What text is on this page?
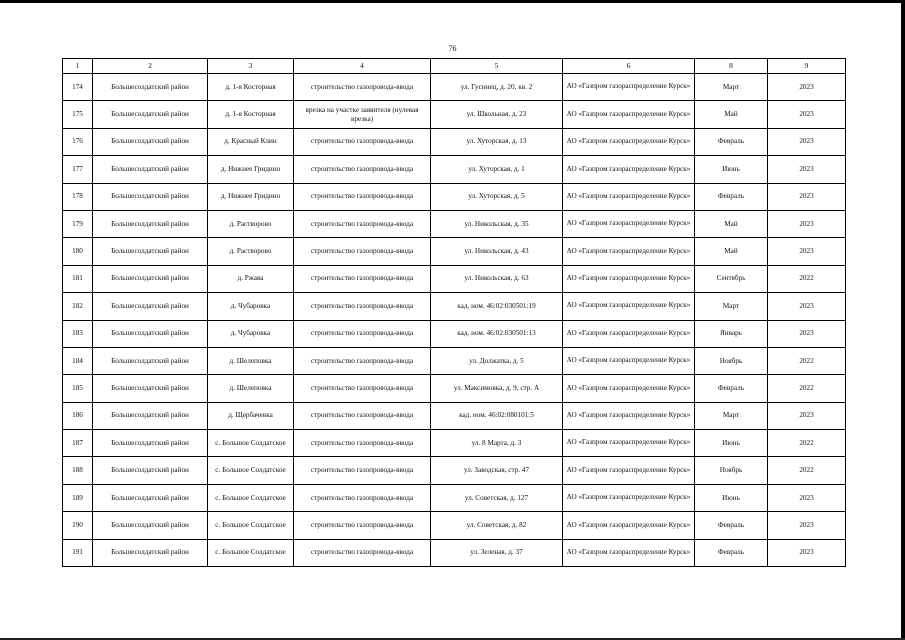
76
1	2	3	4	5	6	8	9
174	Большесолдатский район	д. 1-я Косторная	строительство газопровода-ввода	ул. Гусинец, д. 20, кв. 2	АО «Газпром газораспределение Курск»	Март	2023
175	Большесолдатский район	д. 1-я Косторная	врезка на участке заявителя (нулевая врезка)	ул. Школьная, д. 23	АО «Газпром газораспределение Курск»	Май	2023
176	Большесолдатский район	д. Красный Клин	строительство газопровода-ввода	ул. Хуторская, д. 13	АО «Газпром газораспределение Курск»	Февраль	2023
177	Большесолдатский район	д. Нижнее Гридино	строительство газопровода-ввода	ул. Хуторская, д. 1	АО «Газпром газораспределение Курск»	Июнь	2023
178	Большесолдатский район	д. Нижнее Гридино	строительство газопровода-ввода	ул. Хуторская, д. 5	АО «Газпром газораспределение Курск»	Февраль	2023
179	Большесолдатский район	д. Растворово	строительство газопровода-ввода	ул. Никольская, д. 35	АО «Газпром газораспределение Курск»	Май	2023
180	Большесолдатский район	д. Растворово	строительство газопровода-ввода	ул. Никольская, д. 43	АО «Газпром газораспределение Курск»	Май	2023
181	Большесолдатский район	д. Ржава	строительство газопровода-ввода	ул. Никольская, д. 63	АО «Газпром газораспределение Курск»	Сентябрь	2022
182	Большесолдатский район	д. Чубаровка	строительство газопровода-ввода	кад. ном. 46:02:030501:19	АО «Газпром газораспределение Курск»	Март	2023
183	Большесолдатский район	д. Чубаровка	строительство газопровода-ввода	кад. ном. 46:02:030501:13	АО «Газпром газораспределение Курск»	Январь	2023
184	Большесолдатский район	д. Шелеповка	строительство газопровода-ввода	ул. Должатка, д. 5	АО «Газпром газораспределение Курск»	Ноябрь	2022
185	Большесолдатский район	д. Шелеповка	строительство газопровода-ввода	ул. Максимовка, д. 9, стр. А	АО «Газпром газораспределение Курск»	Февраль	2022
186	Большесолдатский район	д. Щербачевка	строительство газопровода-ввода	кад. ном. 46:02:080101:5	АО «Газпром газораспределение Курск»	Март	2023
187	Большесолдатский район	с. Большое Солдатское	строительство газопровода-ввода	ул. 8 Марта, д. 3	АО «Газпром газораспределение Курск»	Июнь	2022
188	Большесолдатский район	с. Большое Солдатское	строительство газопровода-ввода	ул. Заводская, стр. 47	АО «Газпром газораспределение Курск»	Ноябрь	2022
189	Большесолдатский район	с. Большое Солдатское	строительство газопровода-ввода	ул. Советская, д. 127	АО «Газпром газораспределение Курск»	Июнь	2023
190	Большесолдатский район	с. Большое Солдатское	строительство газопровода-ввода	ул. Советская, д. 82	АО «Газпром газораспределение Курск»	Февраль	2023
191	Большесолдатский район	с. Большое Солдатское	строительство газопровода-ввода	ул. Зеленая, д. 37	АО «Газпром газораспределение Курск»	Февраль	2023
